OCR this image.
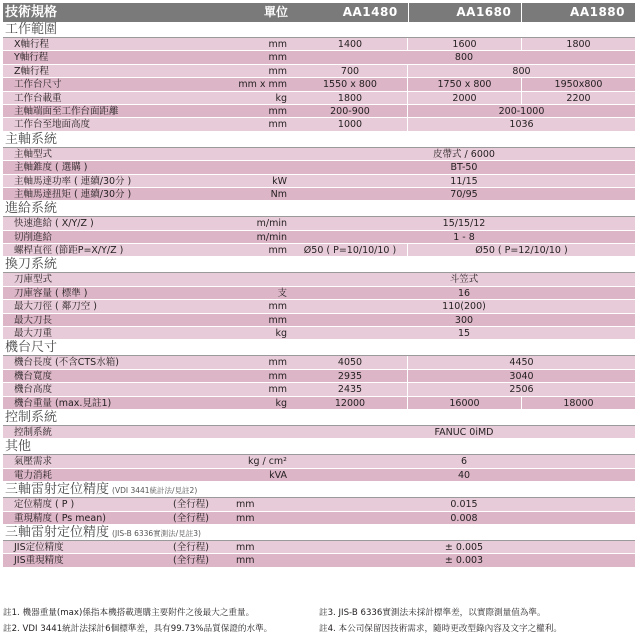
技術規格	單位	AA1480	AA1680	AA1880
工作範圍
X軸行程	mm	1400	1600	1800
Y軸行程	mm	800
Z軸行程	mm	700	800
工作台尺寸	mm x mm	1550 x 800	1750 x 800	1950x800
工作台載重	kg	1800	2000	2200
主軸端面至工作台面距離	mm	200-900	200-1000
工作台至地面高度	mm	1000	1036
主軸系統
主軸型式	皮帶式 / 6000
主軸錐度 ( 選購 )	BT-50
主軸馬達功率 ( 連續/30分 )	kW	11/15
主軸馬達扭矩 ( 連續/30分 )	Nm	70/95
進給系統
快速進給 ( X/Y/Z )	m/min	15/15/12
切削進給	m/min	1 - 8
螺桿直徑 (節距P=X/Y/Z )	mm	Ø50 ( P=10/10/10 )	Ø50 ( P=12/10/10 )
換刀系統
刀庫型式	斗笠式
刀庫容量 ( 標準 )	支	16
最大刀徑 ( 鄰刀空 )	mm	110(200)
最大刀長	mm	300
最大刀重	kg	15
機台尺寸
機台長度 (不含CTS水箱)	mm	4050	4450
機台寬度	mm	2935	3040
機台高度	mm	2435	2506
機台重量 (max.見註1)	kg	12000	16000	18000
控制系統
控制系統	FANUC 0iMD
其他
氣壓需求	kg / cm²	6
電力消耗	kVA	40
三軸雷射定位精度 (VDI 3441統計法/見註2)
定位精度 ( P )	(全行程)	mm	0.015
重現精度 ( Ps mean)	(全行程)	mm	0.008
三軸雷射定位精度 (JIS-B 6336實測法/見註3)
JIS定位精度	(全行程)	mm	± 0.005
JIS重現精度	(全行程)	mm	± 0.003
註1. 機器重量(max)係指本機搭載選購主要附件之後最大之重量。	註3. JIS-B 6336實測法未採計標準差，以實際測量值為準。
註2. VDI 3441統計法採計6個標準差，具有99.73%品質保證的水準。	註4. 本公司保留因技術需求，隨時更改型錄內容及文字之權利。
